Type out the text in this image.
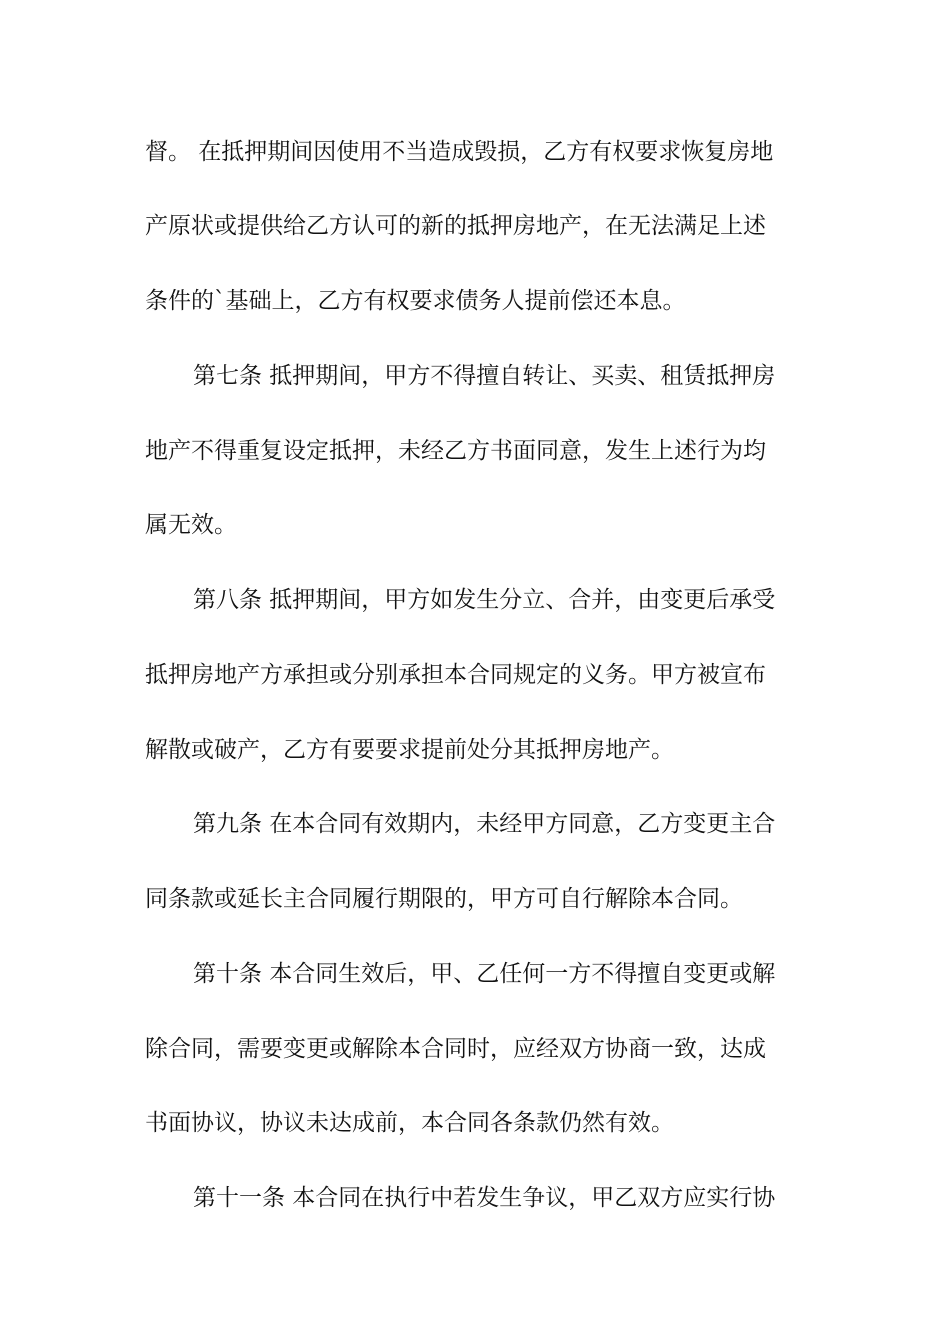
督。 在抵押期间因使用不当造成毁损，乙方有权要求恢复房地
产原状或提供给乙方认可的新的抵押房地产，在无法满足上述
条件的`基础上，乙方有权要求债务人提前偿还本息。
第七条 抵押期间，甲方不得擅自转让、买卖、租赁抵押房
地产不得重复设定抵押，未经乙方书面同意，发生上述行为均
属无效。
第八条 抵押期间，甲方如发生分立、合并，由变更后承受
抵押房地产方承担或分别承担本合同规定的义务。甲方被宣布
解散或破产，乙方有要要求提前处分其抵押房地产。
第九条 在本合同有效期内，未经甲方同意，乙方变更主合
同条款或延长主合同履行期限的，甲方可自行解除本合同。
第十条 本合同生效后，甲、乙任何一方不得擅自变更或解
除合同，需要变更或解除本合同时，应经双方协商一致，达成
书面协议，协议未达成前，本合同各条款仍然有效。
第十一条 本合同在执行中若发生争议，甲乙双方应实行协
